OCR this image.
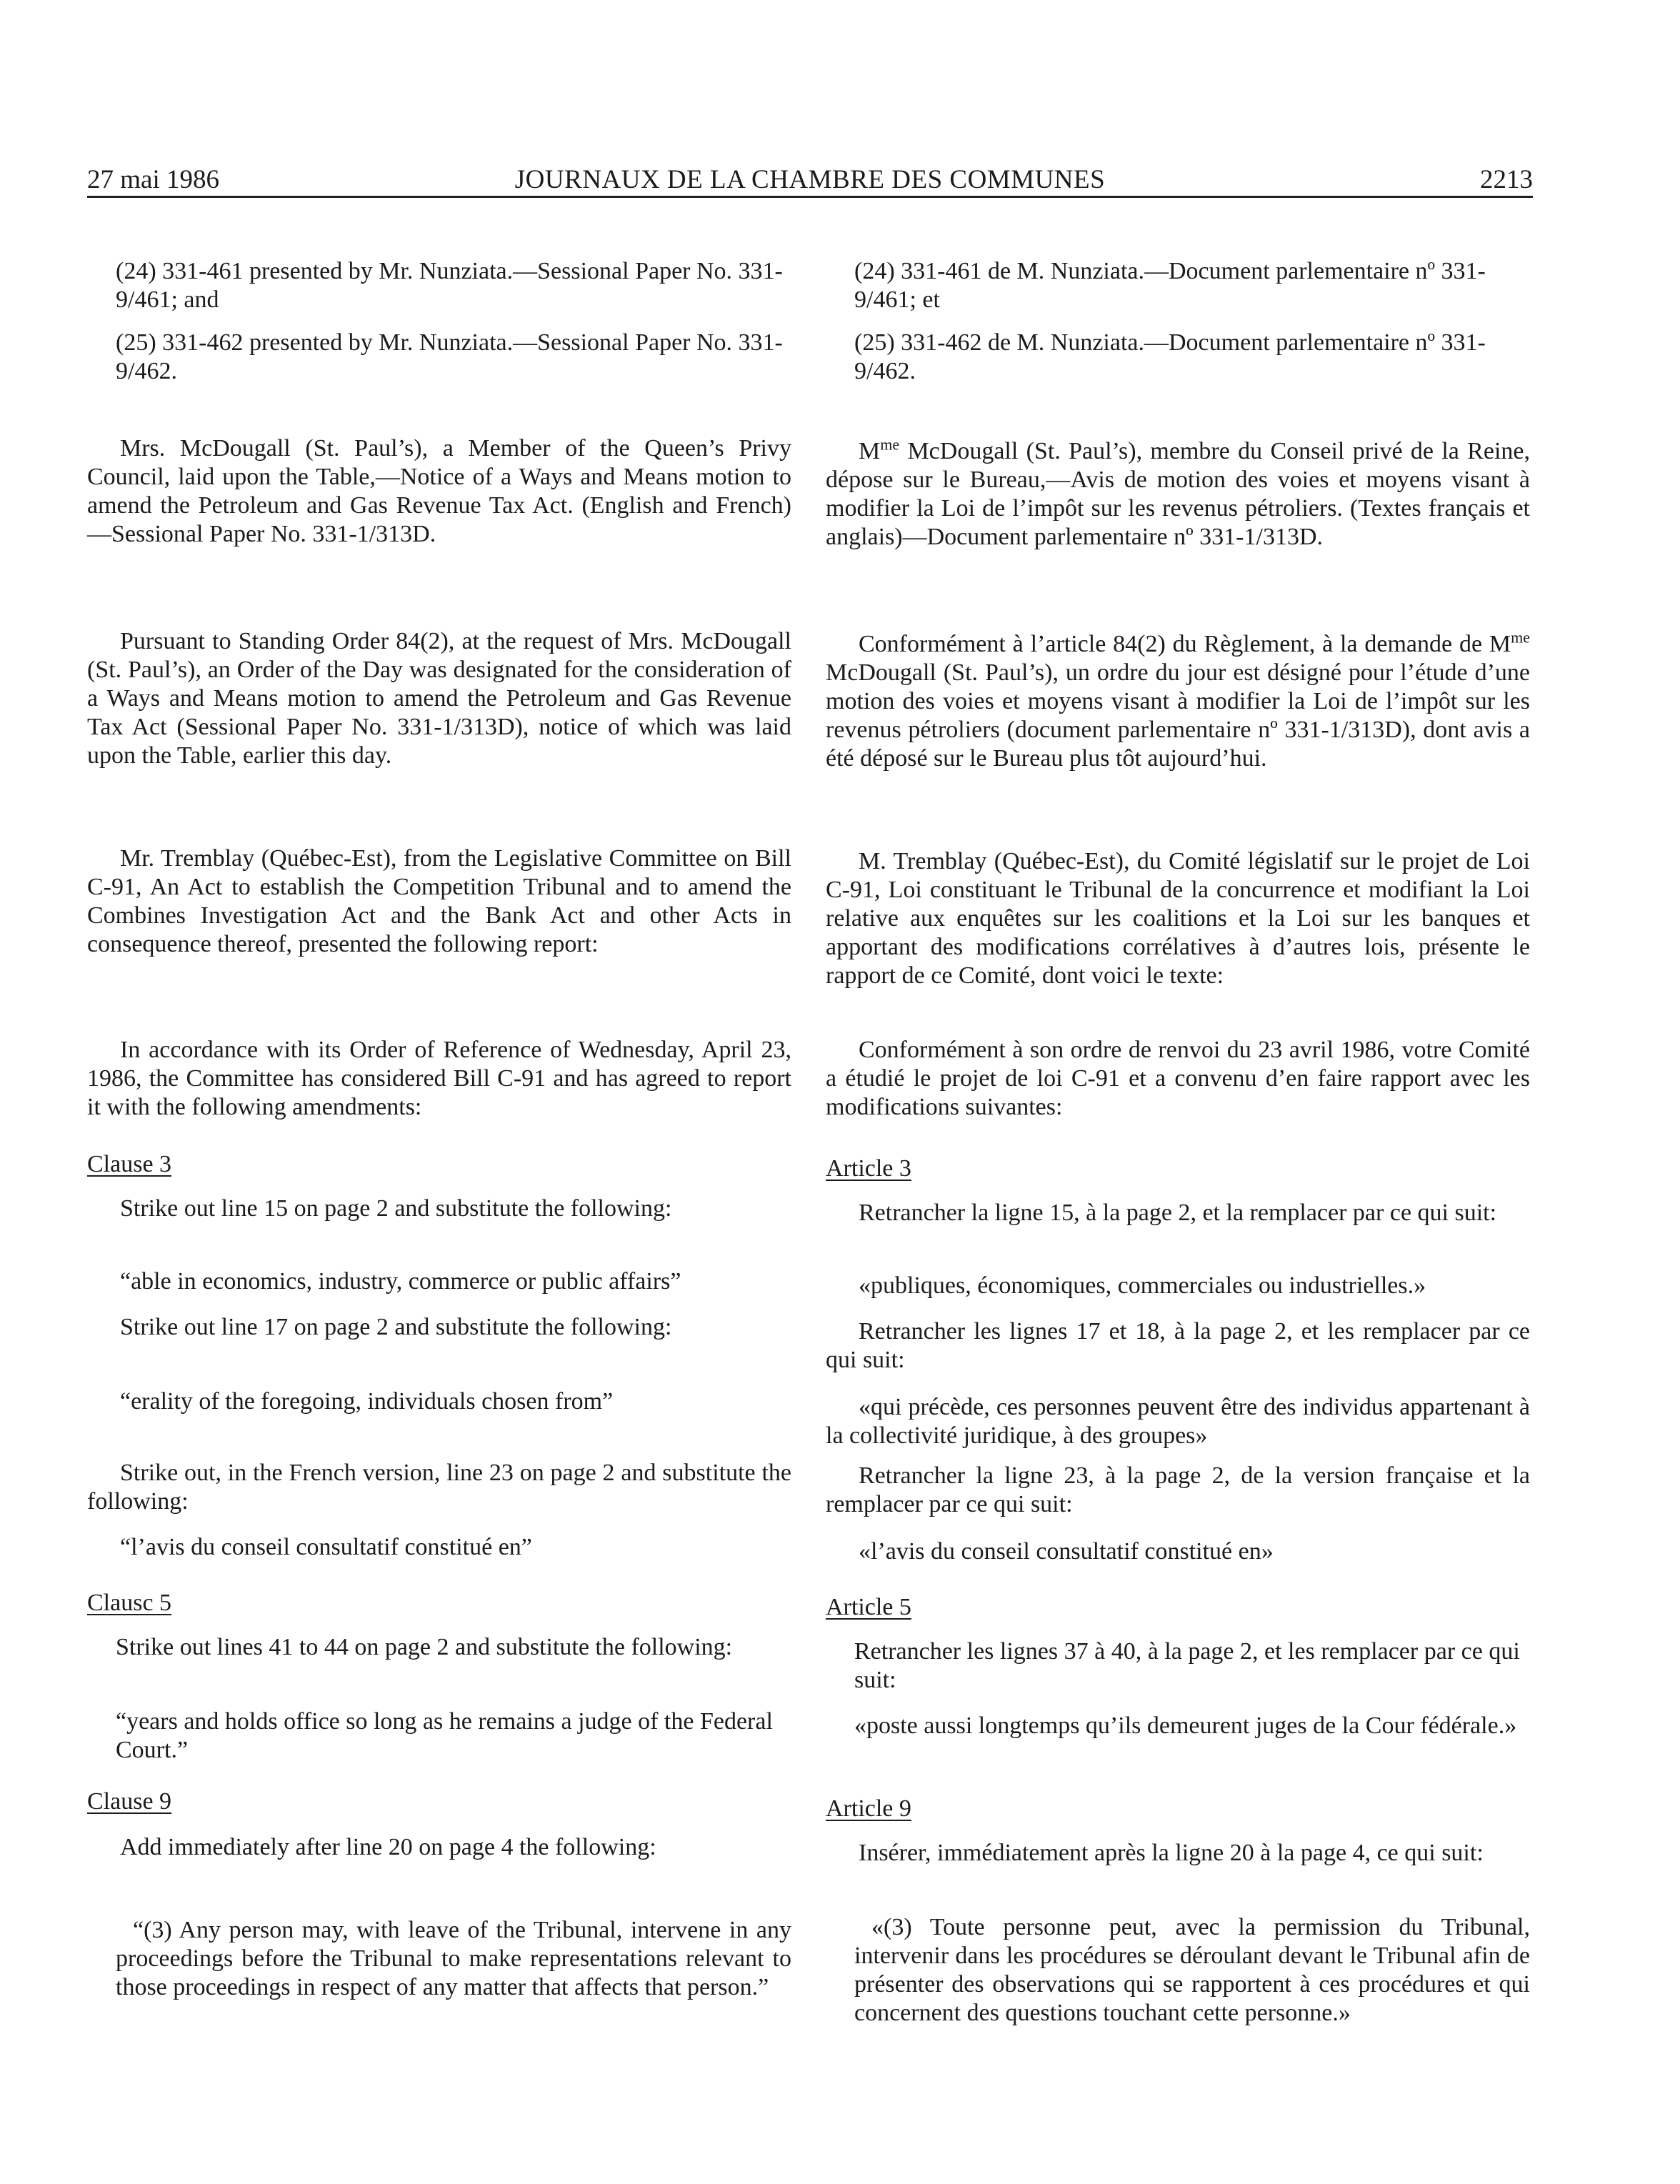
27 mai 1986	JOURNAUX DE LA CHAMBRE DES COMMUNES	2213

(24) 331-461 presented by Mr. Nunziata.—Sessional Paper No. 331-9/461; and

(25) 331-462 presented by Mr. Nunziata.—Sessional Paper No. 331-9/462.

Mrs. McDougall (St. Paul’s), a Member of the Queen’s Privy Council, laid upon the Table,—Notice of a Ways and Means motion to amend the Petroleum and Gas Revenue Tax Act. (English and French)—Sessional Paper No. 331-1/313D.

Pursuant to Standing Order 84(2), at the request of Mrs. McDougall (St. Paul’s), an Order of the Day was designated for the consideration of a Ways and Means motion to amend the Petroleum and Gas Revenue Tax Act (Sessional Paper No. 331-1/313D), notice of which was laid upon the Table, earlier this day.

Mr. Tremblay (Québec-Est), from the Legislative Committee on Bill C-91, An Act to establish the Competition Tribunal and to amend the Combines Investigation Act and the Bank Act and other Acts in consequence thereof, presented the following report:

In accordance with its Order of Reference of Wednesday, April 23, 1986, the Committee has considered Bill C-91 and has agreed to report it with the following amendments:

Clause 3

Strike out line 15 on page 2 and substitute the following:

“able in economics, industry, commerce or public affairs”

Strike out line 17 on page 2 and substitute the following:

“erality of the foregoing, individuals chosen from”

Strike out, in the French version, line 23 on page 2 and substitute the following:

“l’avis du conseil consultatif constitué en”

Clausc 5

Strike out lines 41 to 44 on page 2 and substitute the following:

“years and holds office so long as he remains a judge of the Federal Court.”

Clause 9

Add immediately after line 20 on page 4 the following:

“(3) Any person may, with leave of the Tribunal, intervene in any proceedings before the Tribunal to make representations relevant to those proceedings in respect of any matter that affects that person.”

(24) 331-461 de M. Nunziata.—Document parlementaire nº 331-9/461; et

(25) 331-462 de M. Nunziata.—Document parlementaire nº 331-9/462.

$M^{me}$ McDougall (St. Paul’s), membre du Conseil privé de la Reine, dépose sur le Bureau,—Avis de motion des voies et moyens visant à modifier la Loi de l’impôt sur les revenus pétroliers. (Textes français et anglais)—Document parlementaire nº 331-1/313D.

Conformément à l’article 84(2) du Règlement, à la demande de $M^{me}$ McDougall (St. Paul’s), un ordre du jour est désigné pour l’étude d’une motion des voies et moyens visant à modifier la Loi de l’impôt sur les revenus pétroliers (document parlementaire nº 331-1/313D), dont avis a été déposé sur le Bureau plus tôt aujourd’hui.

M. Tremblay (Québec-Est), du Comité législatif sur le projet de Loi C-91, Loi constituant le Tribunal de la concurrence et modifiant la Loi relative aux enquêtes sur les coalitions et la Loi sur les banques et apportant des modifications corrélatives à d’autres lois, présente le rapport de ce Comité, dont voici le texte:

Conformément à son ordre de renvoi du 23 avril 1986, votre Comité a étudié le projet de loi C-91 et a convenu d’en faire rapport avec les modifications suivantes:

Article 3

Retrancher la ligne 15, à la page 2, et la remplacer par ce qui suit:

«publiques, économiques, commerciales ou industrielles.»

Retrancher les lignes 17 et 18, à la page 2, et les remplacer par ce qui suit:

«qui précède, ces personnes peuvent être des individus appartenant à la collectivité juridique, à des groupes»

Retrancher la ligne 23, à la page 2, de la version française et la remplacer par ce qui suit:

«l’avis du conseil consultatif constitué en»

Article 5

Retrancher les lignes 37 à 40, à la page 2, et les remplacer par ce qui suit:

«poste aussi longtemps qu’ils demeurent juges de la Cour fédérale.»

Article 9

Insérer, immédiatement après la ligne 20 à la page 4, ce qui suit:

«(3) Toute personne peut, avec la permission du Tribunal, intervenir dans les procédures se déroulant devant le Tribunal afin de présenter des observations qui se rapportent à ces procédures et qui concernent des questions touchant cette personne.»
